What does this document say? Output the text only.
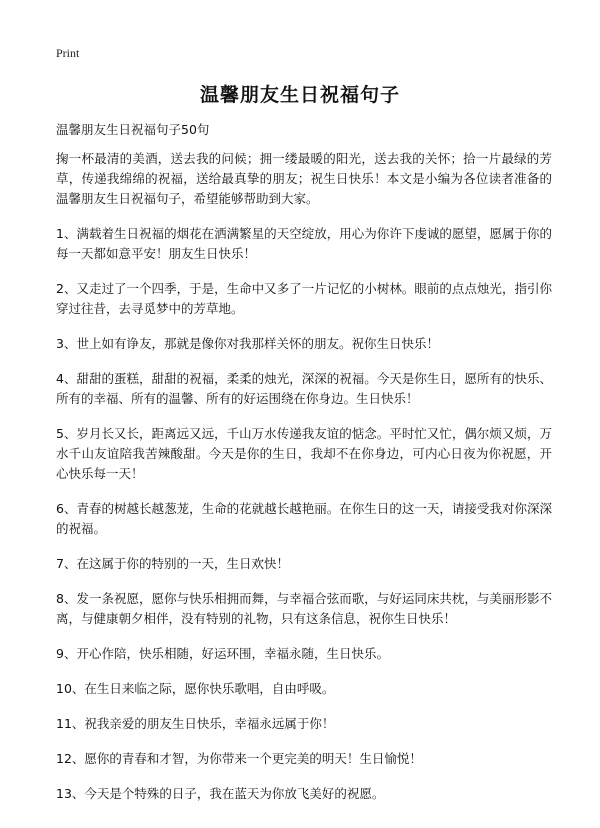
Print
温馨朋友生日祝福句子
温馨朋友生日祝福句子50句

掬一杯最清的美酒，送去我的问候；拥一缕最暖的阳光，送去我的关怀；拾一片最绿的芳草，传递我绵绵的祝福，送给最真挚的朋友；祝生日快乐！本文是小编为各位读者准备的温馨朋友生日祝福句子，希望能够帮助到大家。

1、满载着生日祝福的烟花在洒满繁星的天空绽放，用心为你许下虔诚的愿望，愿属于你的每一天都如意平安！朋友生日快乐！

2、又走过了一个四季，于是，生命中又多了一片记忆的小树林。眼前的点点烛光，指引你穿过往昔，去寻觅梦中的芳草地。

3、世上如有诤友，那就是像你对我那样关怀的朋友。祝你生日快乐！

4、甜甜的蛋糕，甜甜的祝福，柔柔的烛光，深深的祝福。今天是你生日，愿所有的快乐、所有的幸福、所有的温馨、所有的好运围绕在你身边。生日快乐！

5、岁月长又长，距离远又远，千山万水传递我友谊的惦念。平时忙又忙，偶尔烦又烦，万水千山友谊陪我苦辣酸甜。今天是你的生日，我却不在你身边，可内心日夜为你祝愿，开心快乐每一天！

6、青春的树越长越葱茏，生命的花就越长越艳丽。在你生日的这一天，请接受我对你深深的祝福。

7、在这属于你的特别的一天，生日欢快！

8、发一条祝愿，愿你与快乐相拥而舞，与幸福合弦而歌，与好运同床共枕，与美丽形影不离，与健康朝夕相伴，没有特别的礼物，只有这条信息，祝你生日快乐！

9、开心作陪，快乐相随，好运环围，幸福永随，生日快乐。

10、在生日来临之际，愿你快乐歌唱，自由呼吸。

11、祝我亲爱的朋友生日快乐，幸福永远属于你！

12、愿你的青春和才智，为你带来一个更完美的明天！生日愉悦！

13、今天是个特殊的日子，我在蓝天为你放飞美好的祝愿。
